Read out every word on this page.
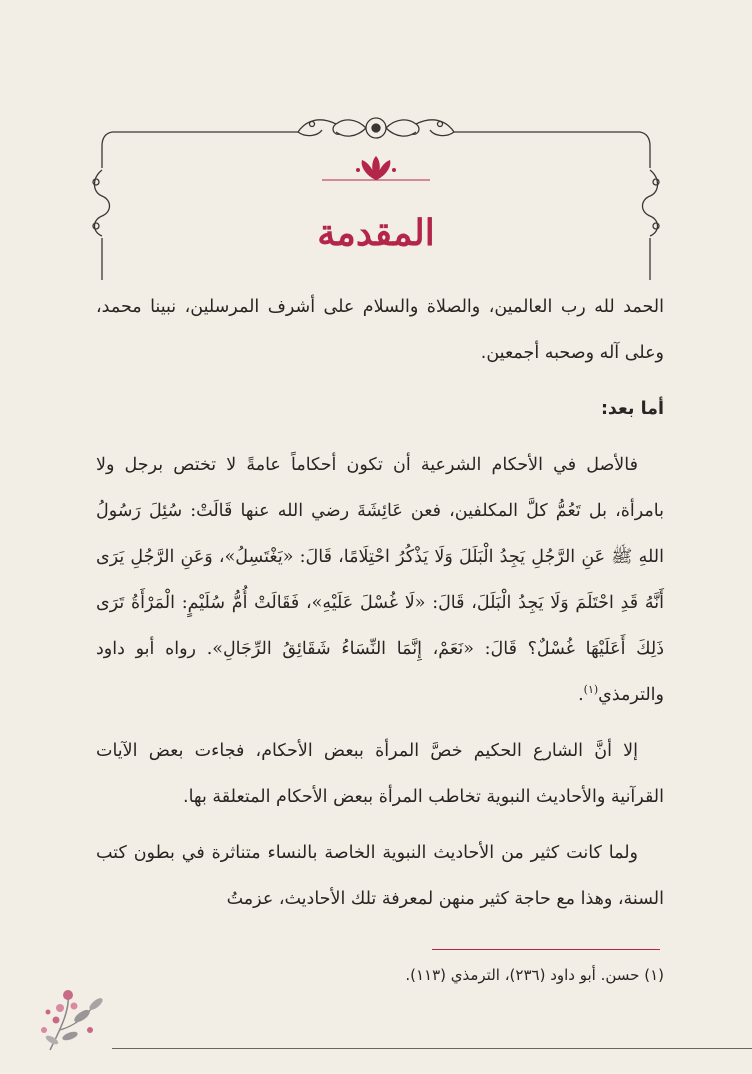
المقدمة

الحمد لله رب العالمين، والصلاة والسلام على أشرف المرسلين، نبينا محمد، وعلى آله وصحبه أجمعين.

أما بعد:

فالأصل في الأحكام الشرعية أن تكون أحكاماً عامةً لا تختص برجل ولا بامرأة، بل تَعُمُّ كلَّ المكلفين، فعن عَائِشَةَ رضي الله عنها قَالَتْ: سُئِلَ رَسُولُ اللهِ ﷺ عَنِ الرَّجُلِ يَجِدُ الْبَلَلَ وَلَا يَذْكُرُ احْتِلَامًا، قَالَ: «يَغْتَسِلُ»، وَعَنِ الرَّجُلِ يَرَى أَنَّهُ قَدِ احْتَلَمَ وَلَا يَجِدُ الْبَلَلَ، قَالَ: «لَا غُسْلَ عَلَيْهِ»، فَقَالَتْ أُمُّ سُلَيْمٍ: الْمَرْأَةُ تَرَى ذَلِكَ أَعَلَيْهَا غُسْلٌ؟ قَالَ: «نَعَمْ، إِنَّمَا النِّسَاءُ شَقَائِقُ الرِّجَالِ». رواه أبو داود والترمذي$^{(١)}$.

إلا أنَّ الشارع الحكيم خصَّ المرأة ببعض الأحكام، فجاءت بعض الآيات القرآنية والأحاديث النبوية تخاطب المرأة ببعض الأحكام المتعلقة بها.

ولما كانت كثير من الأحاديث النبوية الخاصة بالنساء متناثرة في بطون كتب السنة، وهذا مع حاجة كثير منهن لمعرفة تلك الأحاديث، عزمتُ

(١) حسن. أبو داود (٢٣٦)، الترمذي (١١٣).
